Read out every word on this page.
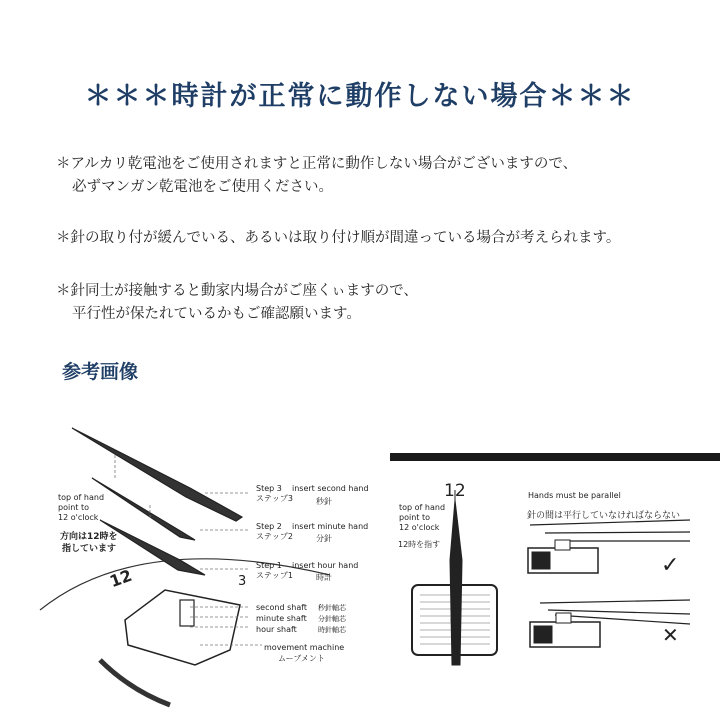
＊＊＊時計が正常に動作しない場合＊＊＊
＊アルカリ乾電池をご使用されますと正常に動作しない場合がございますので、
必ずマンガン乾電池をご使用ください。
＊針の取り付が緩んでいる、あるいは取り付け順が間違っている場合が考えられます。
＊針同士が接触すると動家内場合がご座くぃますので、
平行性が保たれているかもご確認願います。
参考画像
top of hand
point to
12 o'clock
方向は12時を
指しています
12	3
Step 3
ステップ3
insert second hand
秒針
Step 2
ステップ2
insert minute hand
分針
Step 1
ステップ1
insert hour hand
時計
second shaft 秒針軸芯
minute shaft 分針軸芯
hour shaft	時針軸芯
movement machine
ムーブメント
12
top of hand
point to
12 o'clock
12時を指す
Hands must be parallel
針の間は平行していなければならない
✓
✕
